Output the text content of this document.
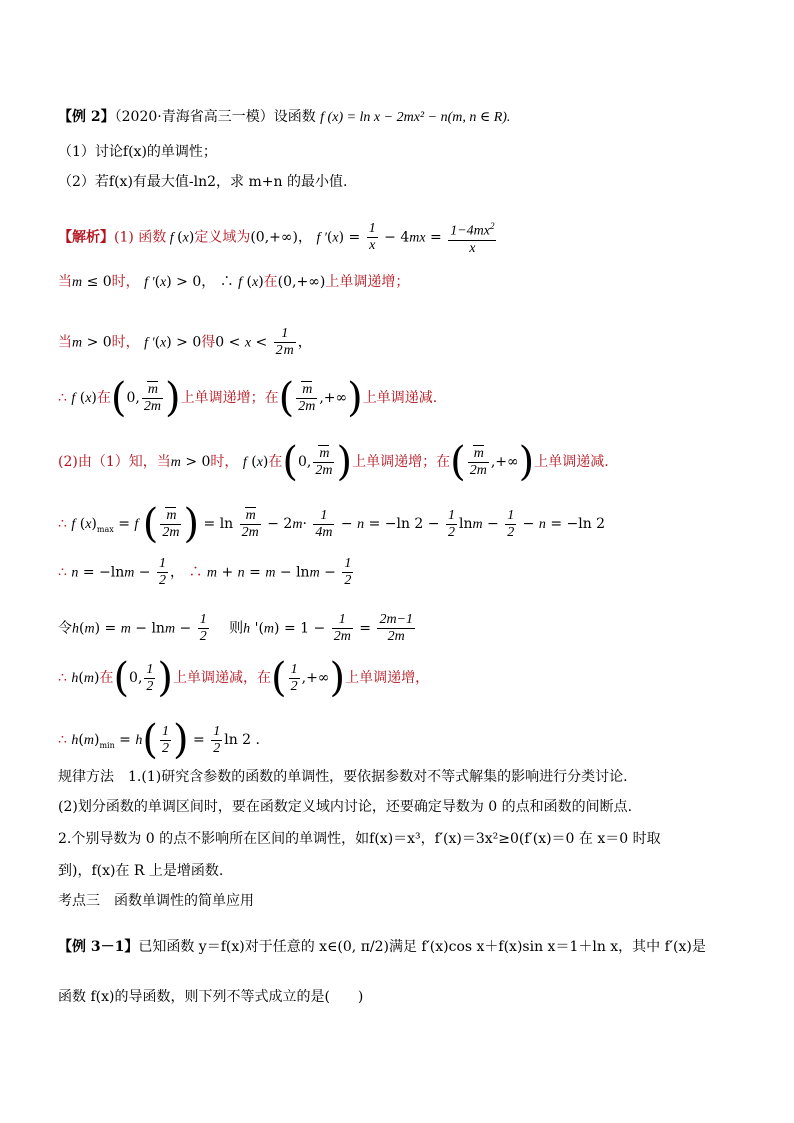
【例 2】（2020·青海省高三一模）设函数 f (x) = ln x − 2mx² − n(m, n ∈ R).
（1）讨论f(x)的单调性；
（2）若f(x)有最大值-ln2，求 m+n 的最小值.
【解析】(1) 函数 f (x)定义域为(0,+∞)， f $'(x) = \frac{1}{x} - 4mx = \frac{1-4mx^2}{x}$
当m ≤ 0时， f ′(x) > 0， ∴ f (x)在(0,+∞)上单调递增；
当m > 0时， f ′(x) > 0得$0 < x < \frac{1}{2m}$ ，
∴ f (x)在(0, $\frac{m}{2m}$ )上单调递增；在( $\frac{m}{2m}$ ,+∞)上单调递减.
(2)由（1）知，当m > 0时， f (x)在(0, $\frac{m}{2m}$ )上单调递增；在( $\frac{m}{2m}$ ,+∞)上单调递减.
∴ f $(x)_{max} = f$ ( $\frac{m}{2m}$ ) = $\ln \frac{m}{2m} - 2m\cdot \frac{1}{4m} - n = -\ln$ $2 - \frac{1}{2}$ $\ln m - \frac{1}{2} - n = -\ln$ 2
∴ $n = -\ln m - \frac{1}{2}$ ， ∴ $m + n = m - \ln m - \frac{1}{2}$
令$h(m) = m - \ln m - \frac{1}{2}$ 　则h '$(m) = 1 - \frac{1}{2m} = \frac{2m-1}{2m}$
∴ h(m)在(0, $\frac{1}{2}$ )上单调递减，在( $\frac{1}{2}$ ,+∞)上单调递增，
∴ $h(m)_{min} = h( \frac{1}{2}$ ) = $\frac{1}{2}$ ln 2 .
规律方法　1.(1)研究含参数的函数的单调性，要依据参数对不等式解集的影响进行分类讨论.
(2)划分函数的单调区间时，要在函数定义域内讨论，还要确定导数为 0 的点和函数的间断点.
2.个别导数为 0 的点不影响所在区间的单调性，如f(x)＝x³，f′(x)＝3x²≥0(f′(x)＝0 在 x＝0 时取
到)，f(x)在 R 上是增函数.
考点三　函数单调性的简单应用
【例 3－1】已知函数 y＝f(x)对于任意的 x∈(0, π/2)满足 f′(x)cos x＋f(x)sin x＝1＋ln x，其中 f′(x)是
函数 f(x)的导函数，则下列不等式成立的是(　　)
